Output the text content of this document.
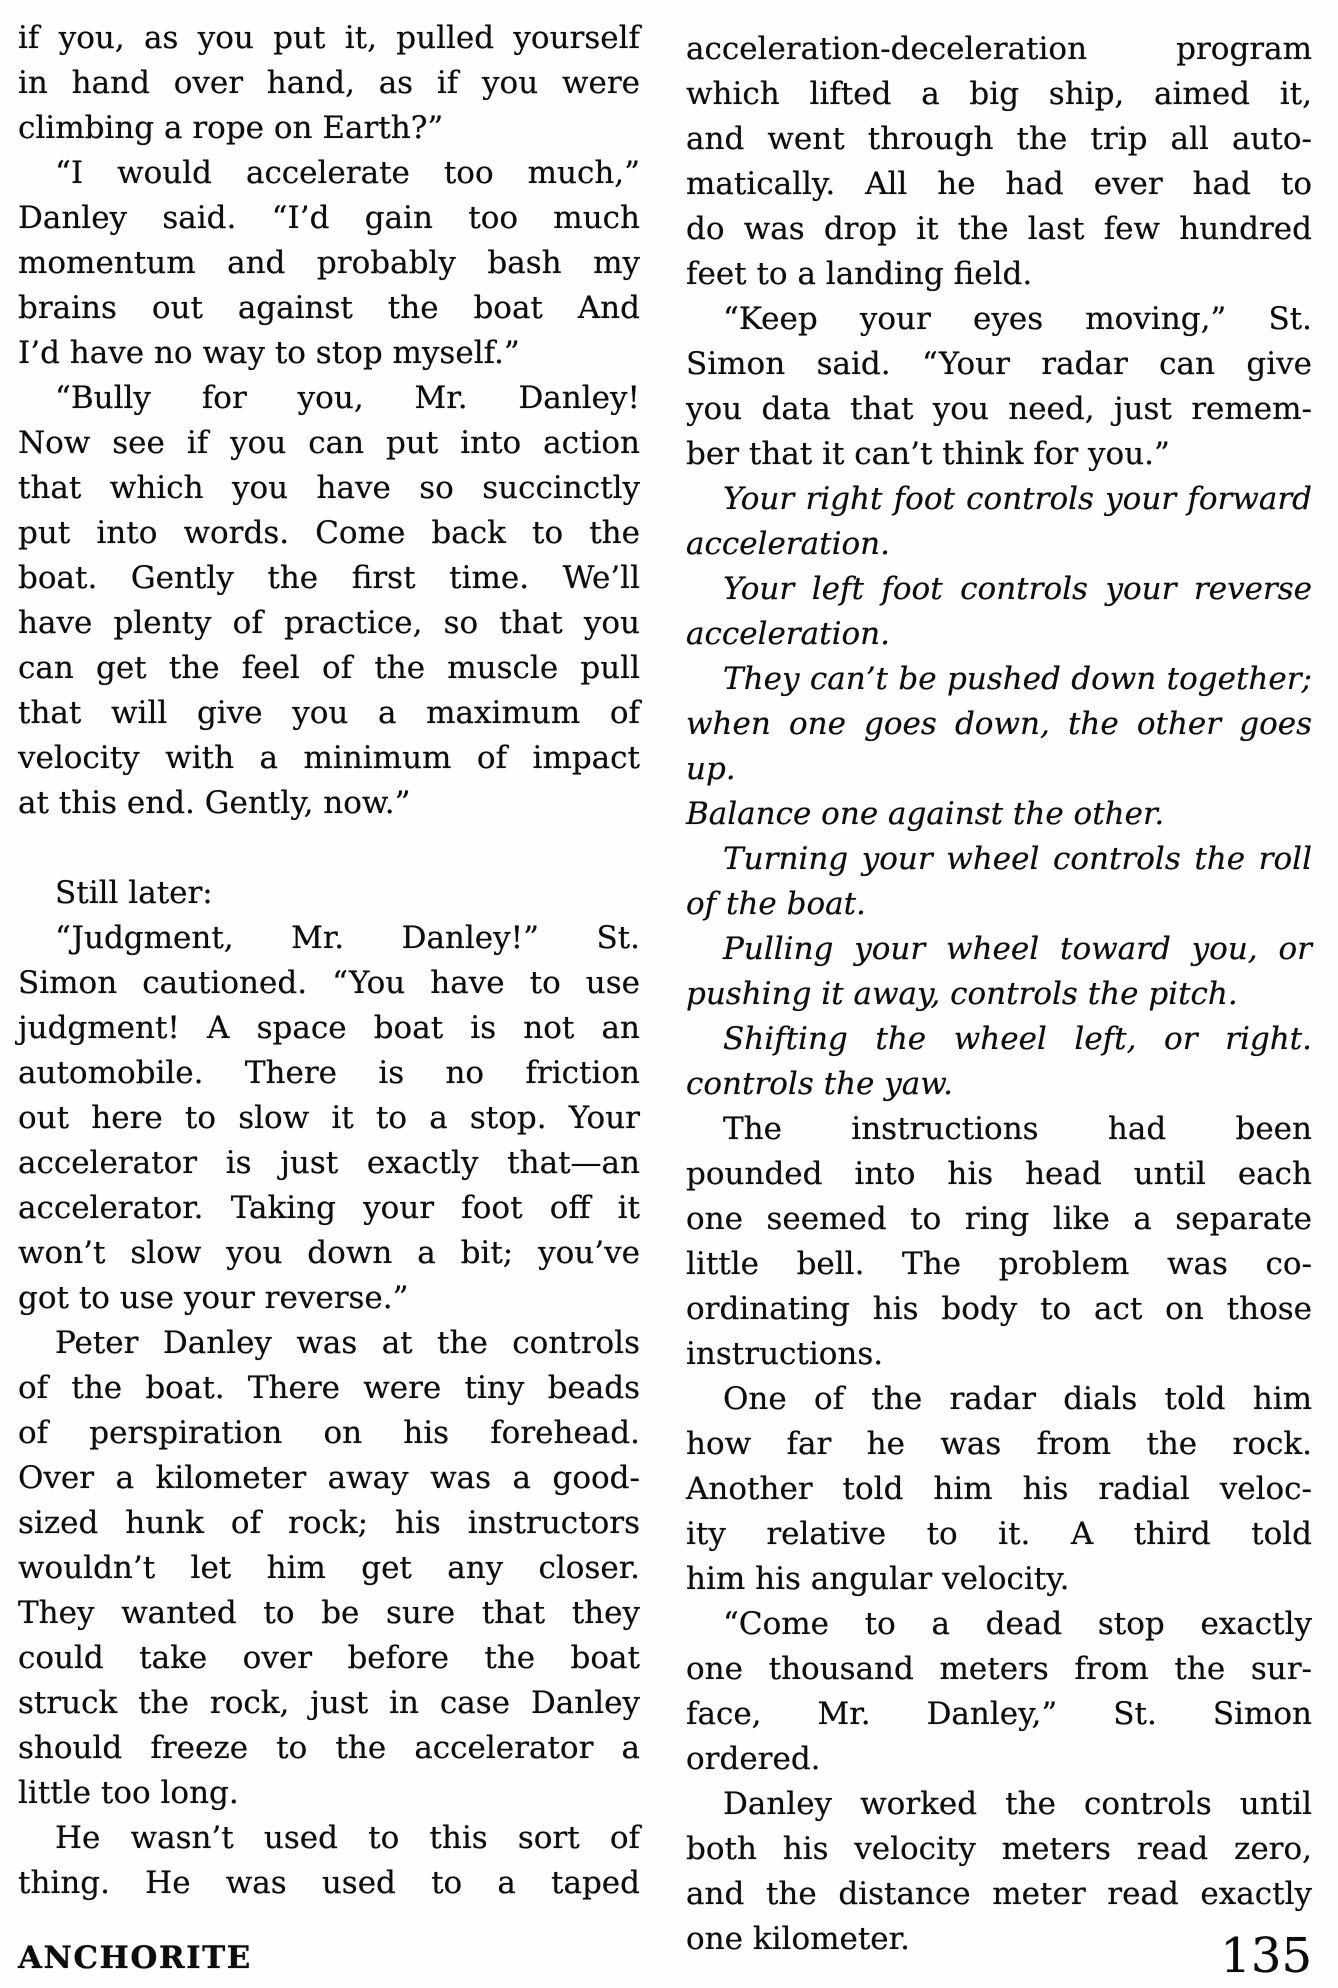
if you, as you put it, pulled yourself
in hand over hand, as if you were
climbing a rope on Earth?”
“I would accelerate too much,”
Danley said. “I’d gain too much
momentum and probably bash my
brains out against the boat And
I’d have no way to stop myself.”
“Bully for you, Mr. Danley!
Now see if you can put into action
that which you have so succinctly
put into words. Come back to the
boat. Gently the first time. We’ll
have plenty of practice, so that you
can get the feel of the muscle pull
that will give you a maximum of
velocity with a minimum of impact
at this end. Gently, now.”
Still later:
“Judgment, Mr. Danley!” St.
Simon cautioned. “You have to use
judgment! A space boat is not an
automobile. There is no friction
out here to slow it to a stop. Your
accelerator is just exactly that—an
accelerator. Taking your foot off it
won’t slow you down a bit; you’ve
got to use your reverse.”
Peter Danley was at the controls
of the boat. There were tiny beads
of perspiration on his forehead.
Over a kilometer away was a good-
sized hunk of rock; his instructors
wouldn’t let him get any closer.
They wanted to be sure that they
could take over before the boat
struck the rock, just in case Danley
should freeze to the accelerator a
little too long.
He wasn’t used to this sort of
thing. He was used to a taped
acceleration-deceleration program
which lifted a big ship, aimed it,
and went through the trip all auto-
matically. All he had ever had to
do was drop it the last few hundred
feet to a landing field.
“Keep your eyes moving,” St.
Simon said. “Your radar can give
you data that you need, just remem-
ber that it can’t think for you.”
Your right foot controls your forward
acceleration.
Your left foot controls your reverse
acceleration.
They can’t be pushed down together;
when one goes down, the other goes up.
Balance one against the other.
Turning your wheel controls the roll
of the boat.
Pulling your wheel toward you, or
pushing it away, controls the pitch.
Shifting the wheel left, or right.
controls the yaw.
The instructions had been
pounded into his head until each
one seemed to ring like a separate
little bell. The problem was co-
ordinating his body to act on those
instructions.
One of the radar dials told him
how far he was from the rock.
Another told him his radial veloc-
ity relative to it. A third told
him his angular velocity.
“Come to a dead stop exactly
one thousand meters from the sur-
face, Mr. Danley,” St. Simon
ordered.
Danley worked the controls until
both his velocity meters read zero,
and the distance meter read exactly
one kilometer.
ANCHORITE	135
